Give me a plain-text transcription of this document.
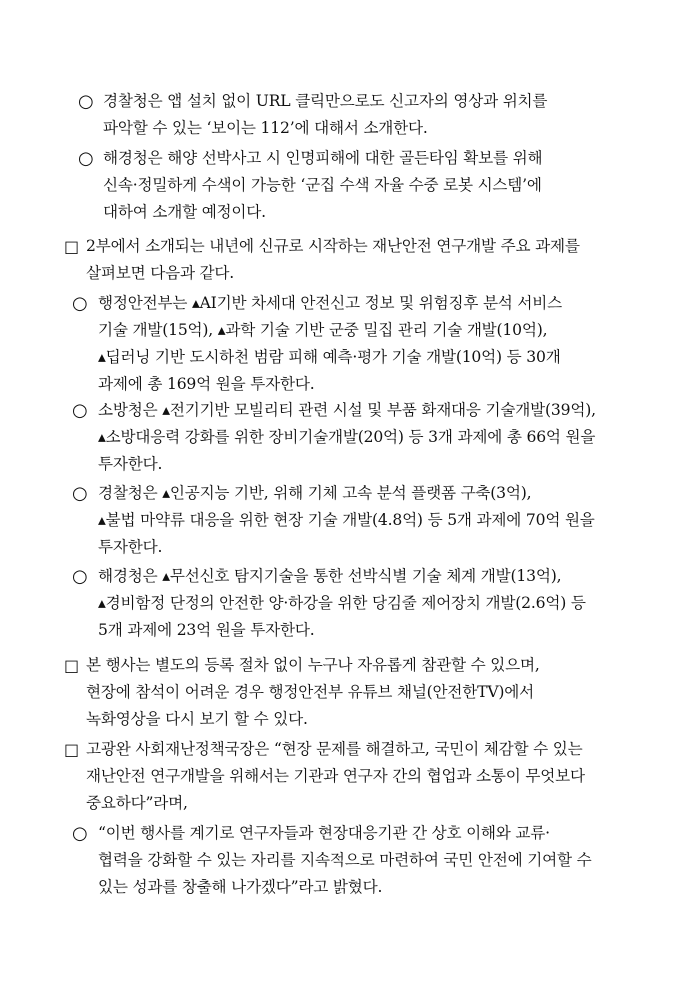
○ 경찰청은 앱 설치 없이 URL 클릭만으로도 신고자의 영상과 위치를
파악할 수 있는 ‘보이는 112’에 대해서 소개한다.
○ 해경청은 해양 선박사고 시 인명피해에 대한 골든타임 확보를 위해
신속·정밀하게 수색이 가능한 ‘군집 수색 자율 수중 로봇 시스템’에
대하여 소개할 예정이다.
□ 2부에서 소개되는 내년에 신규로 시작하는 재난안전 연구개발 주요 과제를
살펴보면 다음과 같다.
○ 행정안전부는 ▴AI기반 차세대 안전신고 정보 및 위험징후 분석 서비스
기술 개발(15억), ▴과학 기술 기반 군중 밀집 관리 기술 개발(10억),
▴딥러닝 기반 도시하천 범람 피해 예측·평가 기술 개발(10억) 등 30개
과제에 총 169억 원을 투자한다.
○ 소방청은 ▴전기기반 모빌리티 관련 시설 및 부품 화재대응 기술개발(39억),
▴소방대응력 강화를 위한 장비기술개발(20억) 등 3개 과제에 총 66억 원을
투자한다.
○ 경찰청은 ▴인공지능 기반, 위해 기체 고속 분석 플랫폼 구축(3억),
▴불법 마약류 대응을 위한 현장 기술 개발(4.8억) 등 5개 과제에 70억 원을
투자한다.
○ 해경청은 ▴무선신호 탐지기술을 통한 선박식별 기술 체계 개발(13억),
▴경비함정 단정의 안전한 양·하강을 위한 당김줄 제어장치 개발(2.6억) 등
5개 과제에 23억 원을 투자한다.
□ 본 행사는 별도의 등록 절차 없이 누구나 자유롭게 참관할 수 있으며,
현장에 참석이 어려운 경우 행정안전부 유튜브 채널(안전한TV)에서
녹화영상을 다시 보기 할 수 있다.
□ 고광완 사회재난정책국장은 “현장 문제를 해결하고, 국민이 체감할 수 있는
재난안전 연구개발을 위해서는 기관과 연구자 간의 협업과 소통이 무엇보다
중요하다”라며,
○ “이번 행사를 계기로 연구자들과 현장대응기관 간 상호 이해와 교류·
협력을 강화할 수 있는 자리를 지속적으로 마련하여 국민 안전에 기여할 수
있는 성과를 창출해 나가겠다”라고 밝혔다.
